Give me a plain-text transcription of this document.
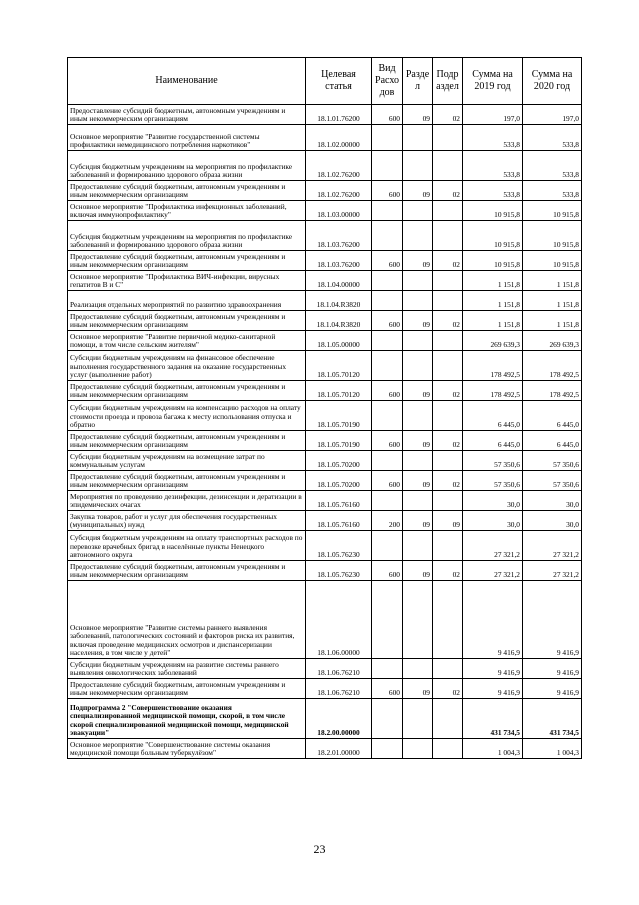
Наименование	Целевая статья	Вид Расхо дов	Разде л	Подр аздел	Сумма на 2019 год	Сумма на 2020 год
Предоставление субсидий бюджетным, автономным учреждениям и иным некоммерческим организациям	18.1.01.76200	600	09	02	197,0	197,0
Основное мероприятие "Развитие государственной системы профилактики немедицинского потребления наркотиков"	18.1.02.00000				533,8	533,8
Субсидия бюджетным учреждениям на мероприятия по профилактике заболеваний и формированию здорового образа жизни	18.1.02.76200				533,8	533,8
Предоставление субсидий бюджетным, автономным учреждениям и иным некоммерческим организациям	18.1.02.76200	600	09	02	533,8	533,8
Основное мероприятие "Профилактика инфекционных заболеваний, включая иммунопрофилактику"	18.1.03.00000				10 915,8	10 915,8
Субсидия бюджетным учреждениям на мероприятия по профилактике заболеваний и формированию здорового образа жизни	18.1.03.76200				10 915,8	10 915,8
Предоставление субсидий бюджетным, автономным учреждениям и иным некоммерческим организациям	18.1.03.76200	600	09	02	10 915,8	10 915,8
Основное мероприятие "Профилактика ВИЧ-инфекции, вирусных гепатитов В и С"	18.1.04.00000				1 151,8	1 151,8
Реализация отдельных мероприятий по развитию здравоохранения	18.1.04.R3820				1 151,8	1 151,8
Предоставление субсидий бюджетным, автономным учреждениям и иным некоммерческим организациям	18.1.04.R3820	600	09	02	1 151,8	1 151,8
Основное мероприятие "Развитие первичной медико-санитарной помощи, в том числе сельским жителям"	18.1.05.00000				269 639,3	269 639,3
Субсидии бюджетным учреждениям на финансовое обеспечение выполнения государственного задания на оказание государственных услуг (выполнение работ)	18.1.05.70120				178 492,5	178 492,5
Предоставление субсидий бюджетным, автономным учреждениям и иным некоммерческим организациям	18.1.05.70120	600	09	02	178 492,5	178 492,5
Субсидии бюджетным учреждениям на компенсацию расходов на оплату стоимости проезда и провоза багажа к месту использования отпуска и обратно	18.1.05.70190				6 445,0	6 445,0
Предоставление субсидий бюджетным, автономным учреждениям и иным некоммерческим организациям	18.1.05.70190	600	09	02	6 445,0	6 445,0
Субсидии бюджетным учреждениям на возмещение затрат по коммунальным услугам	18.1.05.70200				57 350,6	57 350,6
Предоставление субсидий бюджетным, автономным учреждениям и иным некоммерческим организациям	18.1.05.70200	600	09	02	57 350,6	57 350,6
Мероприятия по проведению дезинфекции, дезинсекции и дератизации в эпидемических очагах	18.1.05.76160				30,0	30,0
Закупка товаров, работ и услуг для обеспечения государственных (муниципальных) нужд	18.1.05.76160	200	09	09	30,0	30,0
Субсидия бюджетным учреждениям на оплату транспортных расходов по перевозке врачебных бригад в населённые пункты Ненецкого автономного округа	18.1.05.76230				27 321,2	27 321,2
Предоставление субсидий бюджетным, автономным учреждениям и иным некоммерческим организациям	18.1.05.76230	600	09	02	27 321,2	27 321,2
Основное мероприятие "Развитие системы раннего выявления заболеваний, патологических состояний и факторов риска их развития, включая проведение медицинских осмотров и диспансеризации населения, в том числе у детей"	18.1.06.00000				9 416,9	9 416,9
Субсидии бюджетным учреждениям на развитие системы раннего выявления онкологических заболеваний	18.1.06.76210				9 416,9	9 416,9
Предоставление субсидий бюджетным, автономным учреждениям и иным некоммерческим организациям	18.1.06.76210	600	09	02	9 416,9	9 416,9
Подпрограмма 2 "Совершенствование оказания специализированной медицинской помощи, скорой, в том числе скорой специализированной медицинской помощи, медицинской эвакуации"	18.2.00.00000				431 734,5	431 734,5
Основное мероприятие "Совершенствование системы оказания медицинской помощи больным туберкулёзом"	18.2.01.00000				1 004,3	1 004,3
23
